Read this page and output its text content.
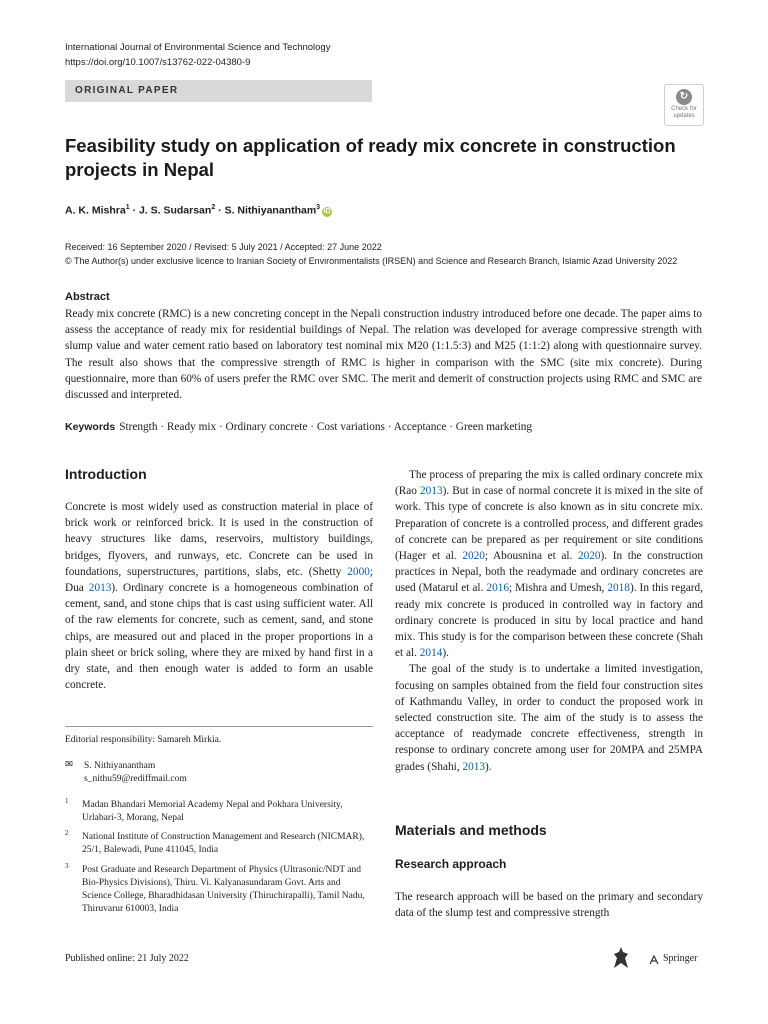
International Journal of Environmental Science and Technology
https://doi.org/10.1007/s13762-022-04380-9
ORIGINAL PAPER
↻
Check for
updates
Feasibility study on application of ready mix concrete in construction projects in Nepal
A. K. Mishra$^1$ · J. S. Sudarsan$^2$ · S. Nithiyanantham$^3$ iD
Received: 16 September 2020 / Revised: 5 July 2021 / Accepted: 27 June 2022
© The Author(s) under exclusive licence to Iranian Society of Environmentalists (IRSEN) and Science and Research Branch, Islamic Azad University 2022
Abstract
Ready mix concrete (RMC) is a new concreting concept in the Nepali construction industry introduced before one decade. The paper aims to assess the acceptance of ready mix for residential buildings of Nepal. The relation was developed for average compressive strength with slump value and water cement ratio based on laboratory test nominal mix M20 (1:1.5:3) and M25 (1:1:2) along with questionnaire survey. The result also shows that the compressive strength of RMC is higher in comparison with the SMC (site mix concrete). During questionnaire, more than 60% of users prefer the RMC over SMC. The merit and demerit of construction projects using RMC and SMC are discussed and interpreted.
Keywords Strength · Ready mix · Ordinary concrete · Cost variations · Acceptance · Green marketing
Introduction

Concrete is most widely used as construction material in place of brick work or reinforced brick. It is used in the construction of heavy structures like dams, reservoirs, multistory buildings, bridges, flyovers, and runways, etc. Concrete can be used in foundations, superstructures, partitions, slabs, etc. (Shetty 2000; Dua 2013). Ordinary concrete is a homogeneous combination of cement, sand, and stone chips that is cast using sufficient water. All of the raw elements for concrete, such as cement, sand, and stone chips, are measured out and placed in the proper proportions in a plain sheet or brick soling, where they are mixed by hand first in a dry state, and then enough water is added to form an usable concrete.

Editorial responsibility: Samareh Mirkia.
✉ S. Nithiyanantham
s_nithu59@rediffmail.com
1 Madan Bhandari Memorial Academy Nepal and Pokhara University, Urlabari-3, Morang, Nepal
2 National Institute of Construction Management and Research (NICMAR), 25/1, Balewadi, Pune 411045, India
3 Post Graduate and Research Department of Physics (Ultrasonic/NDT and Bio-Physics Divisions), Thiru. Vi. Kalyanasundaram Govt. Arts and Science College, Bharadhidasan University (Thiruchirapalli), Tamil Nadu, Thiruvarur 610003, India
Published online: 21 July 2022

The process of preparing the mix is called ordinary concrete mix (Rao 2013). But in case of normal concrete it is mixed in the site of work. This type of concrete is also known as in situ concrete mix. Preparation of concrete is a controlled process, and different grades of concrete can be prepared as per requirement or site conditions (Hager et al. 2020; Abousnina et al. 2020). In the construction practices in Nepal, both the readymade and ordinary concretes are used (Matarul et al. 2016; Mishra and Umesh, 2018). In this regard, ready mix concrete is produced in controlled way in factory and ordinary concrete is produced in situ by local practice and hand mix. This study is for the comparison between these concrete (Shah et al. 2014).

The goal of the study is to undertake a limited investigation, focusing on samples obtained from the field four construction sites of Kathmandu Valley, in order to conduct the proposed work in selected construction site. The aim of the study is to assess the acceptance of readymade concrete effectiveness, strength in response to ordinary concrete among user for 20MPA and 25MPA grades (Shahi, 2013).

Materials and methods
Research approach
The research approach will be based on the primary and secondary data of the slump test and compressive strength
Springer
